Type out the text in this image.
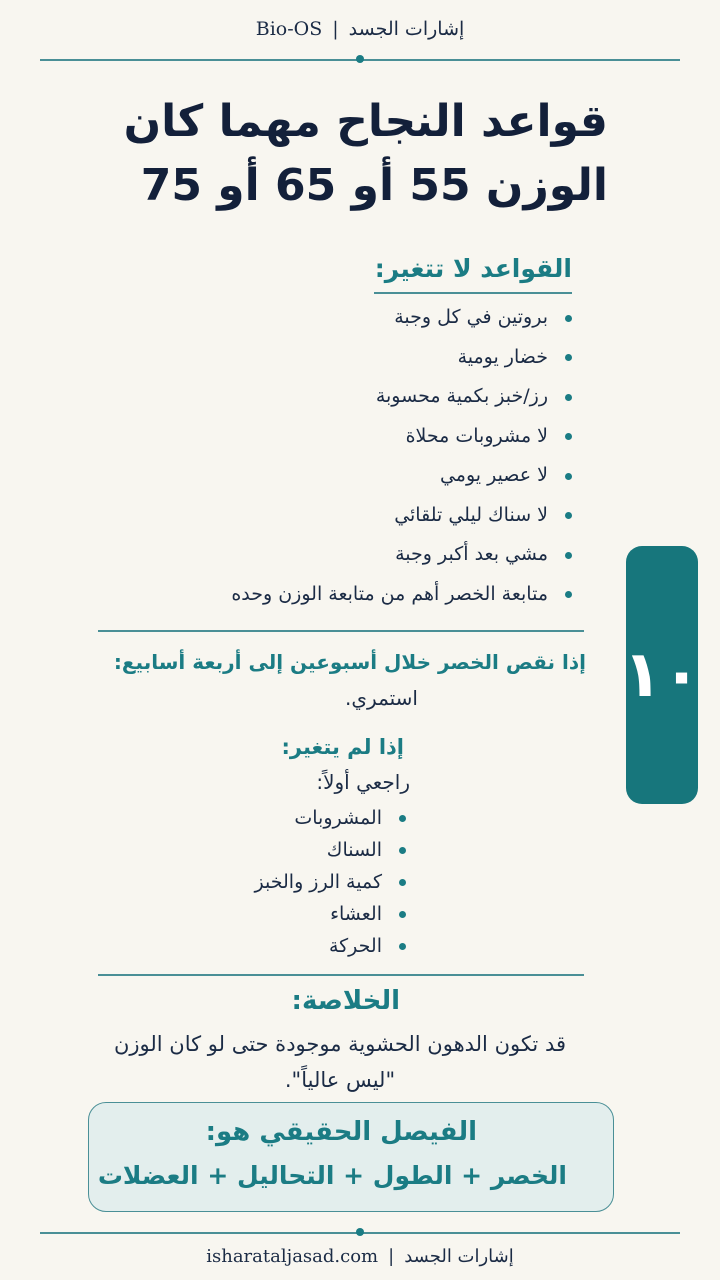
إشارات الجسد|Bio-OS
قواعد النجاح مهما كان
الوزن 55 أو 65 أو 75
القواعد لا تتغير:
بروتين في كل وجبة
خضار يومية
رز/خبز بكمية محسوبة
لا مشروبات محلاة
لا عصير يومي
لا سناك ليلي تلقائي
مشي بعد أكبر وجبة
متابعة الخصر أهم من متابعة الوزن وحده
١٠

إذا نقص الخصر خلال أسبوعين إلى أربعة أسابيع:

استمري.

إذا لم يتغير:

راجعي أولاً:

المشروبات
السناك
كمية الرز والخبز
العشاء
الحركة
الخلاصة:

قد تكون الدهون الحشوية موجودة حتى لو كان الوزن "ليس عالياً".

الفيصل الحقيقي هو:
الخصر + الطول + التحاليل + العضلات
إشارات الجسد|isharataljasad.com
